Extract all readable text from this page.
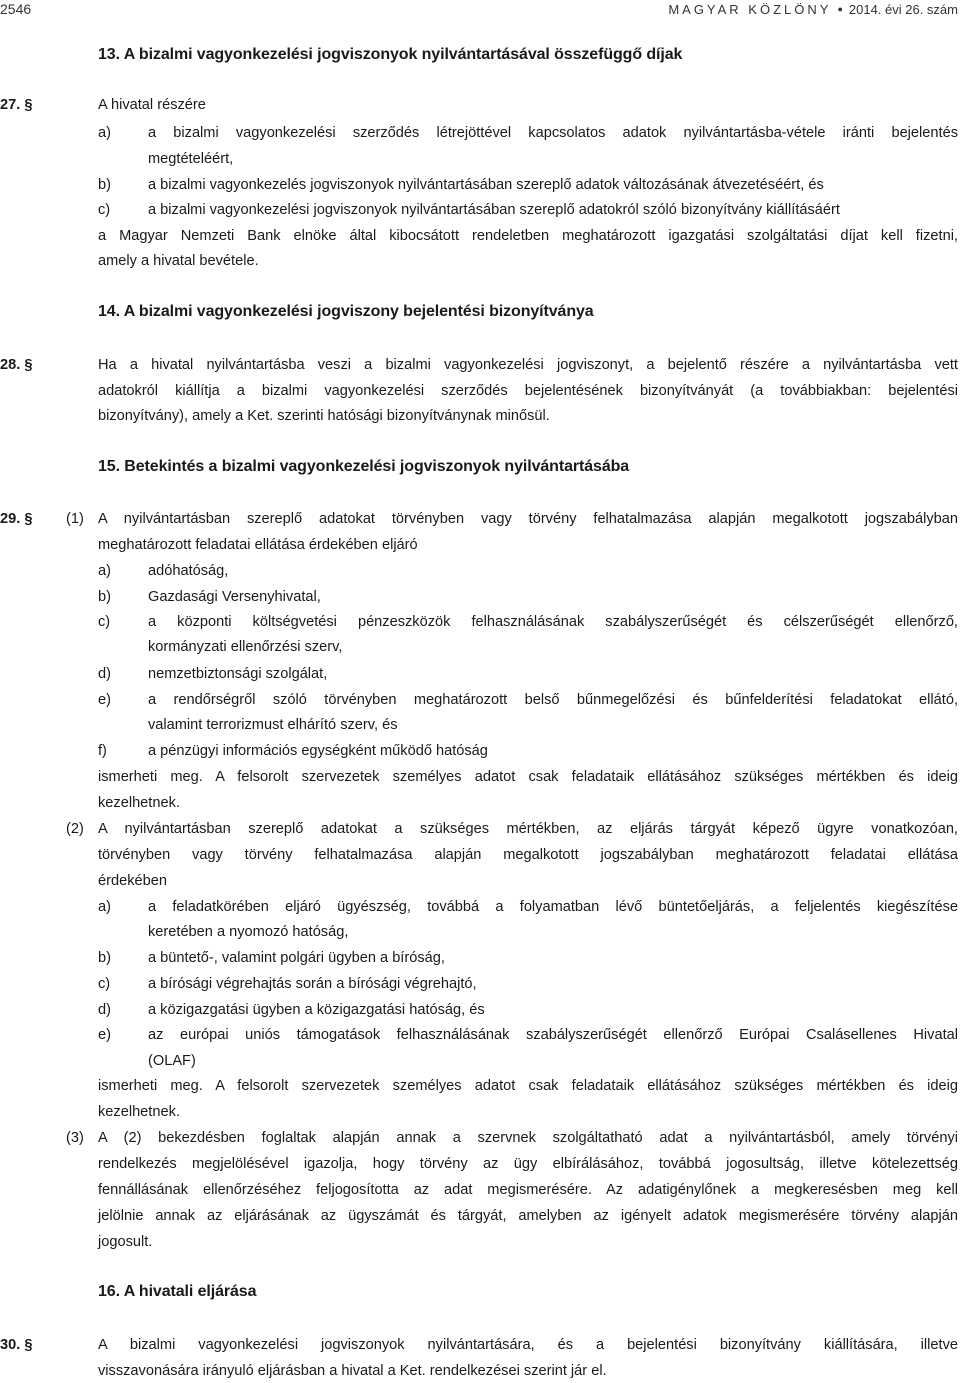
2546	MAGYAR KÖZLÖNY ● 2014. évi 26. szám
13. A bizalmi vagyonkezelési jogviszonyok nyilvántartásával összefüggő díjak
27. §	A hivatal részére
a)	a bizalmi vagyonkezelési szerződés létrejöttével kapcsolatos adatok nyilvántartásba-vétele iránti bejelentés
megtételéért,
b)	a bizalmi vagyonkezelés jogviszonyok nyilvántartásában szereplő adatok változásának átvezetéséért, és
c)	a bizalmi vagyonkezelési jogviszonyok nyilvántartásában szereplő adatokról szóló bizonyítvány kiállításáért
a Magyar Nemzeti Bank elnöke által kibocsátott rendeletben meghatározott igazgatási szolgáltatási díjat kell fizetni,
amely a hivatal bevétele.
14. A bizalmi vagyonkezelési jogviszony bejelentési bizonyítványa
28. §	Ha a hivatal nyilvántartásba veszi a bizalmi vagyonkezelési jogviszonyt, a bejelentő részére a nyilvántartásba vett
adatokról kiállítja a bizalmi vagyonkezelési szerződés bejelentésének bizonyítványát (a továbbiakban: bejelentési
bizonyítvány), amely a Ket. szerinti hatósági bizonyítványnak minősül.
15. Betekintés a bizalmi vagyonkezelési jogviszonyok nyilvántartásába
29. § (1) A nyilvántartásban szereplő adatokat törvényben vagy törvény felhatalmazása alapján megalkotott jogszabályban
meghatározott feladatai ellátása érdekében eljáró
a)	adóhatóság,
b)	Gazdasági Versenyhivatal,
c)	a központi költségvetési pénzeszközök felhasználásának szabályszerűségét és célszerűségét ellenőrző,
kormányzati ellenőrzési szerv,
d)	nemzetbiztonsági szolgálat,
e)	a rendőrségről szóló törvényben meghatározott belső bűnmegelőzési és bűnfelderítési feladatokat ellátó,
valamint terrorizmust elhárító szerv, és
f)	a pénzügyi információs egységként működő hatóság
ismerheti meg. A felsorolt szervezetek személyes adatot csak feladataik ellátásához szükséges mértékben és ideig
kezelhetnek.
(2) A nyilvántartásban szereplő adatokat a szükséges mértékben, az eljárás tárgyát képező ügyre vonatkozóan,
törvényben vagy törvény felhatalmazása alapján megalkotott jogszabályban meghatározott feladatai ellátása
érdekében
a)	a feladatkörében eljáró ügyészség, továbbá a folyamatban lévő büntetőeljárás, a feljelentés kiegészítése
keretében a nyomozó hatóság,
b)	a büntető-, valamint polgári ügyben a bíróság,
c)	a bírósági végrehajtás során a bírósági végrehajtó,
d)	a közigazgatási ügyben a közigazgatási hatóság, és
e)	az európai uniós támogatások felhasználásának szabályszerűségét ellenőrző Európai Csalásellenes Hivatal
(OLAF)
ismerheti meg. A felsorolt szervezetek személyes adatot csak feladataik ellátásához szükséges mértékben és ideig
kezelhetnek.
(3) A (2) bekezdésben foglaltak alapján annak a szervnek szolgáltatható adat a nyilvántartásból, amely törvényi
rendelkezés megjelölésével igazolja, hogy törvény az ügy elbírálásához, továbbá jogosultság, illetve kötelezettség
fennállásának ellenőrzéséhez feljogosította az adat megismerésére. Az adatigénylőnek a megkeresésben meg kell
jelölnie annak az eljárásának az ügyszámát és tárgyát, amelyben az igényelt adatok megismerésére törvény alapján
jogosult.
16. A hivatali eljárása
30. §	A bizalmi vagyonkezelési jogviszonyok nyilvántartására, és a bejelentési bizonyítvány kiállítására, illetve
visszavonására irányuló eljárásban a hivatal a Ket. rendelkezései szerint jár el.
